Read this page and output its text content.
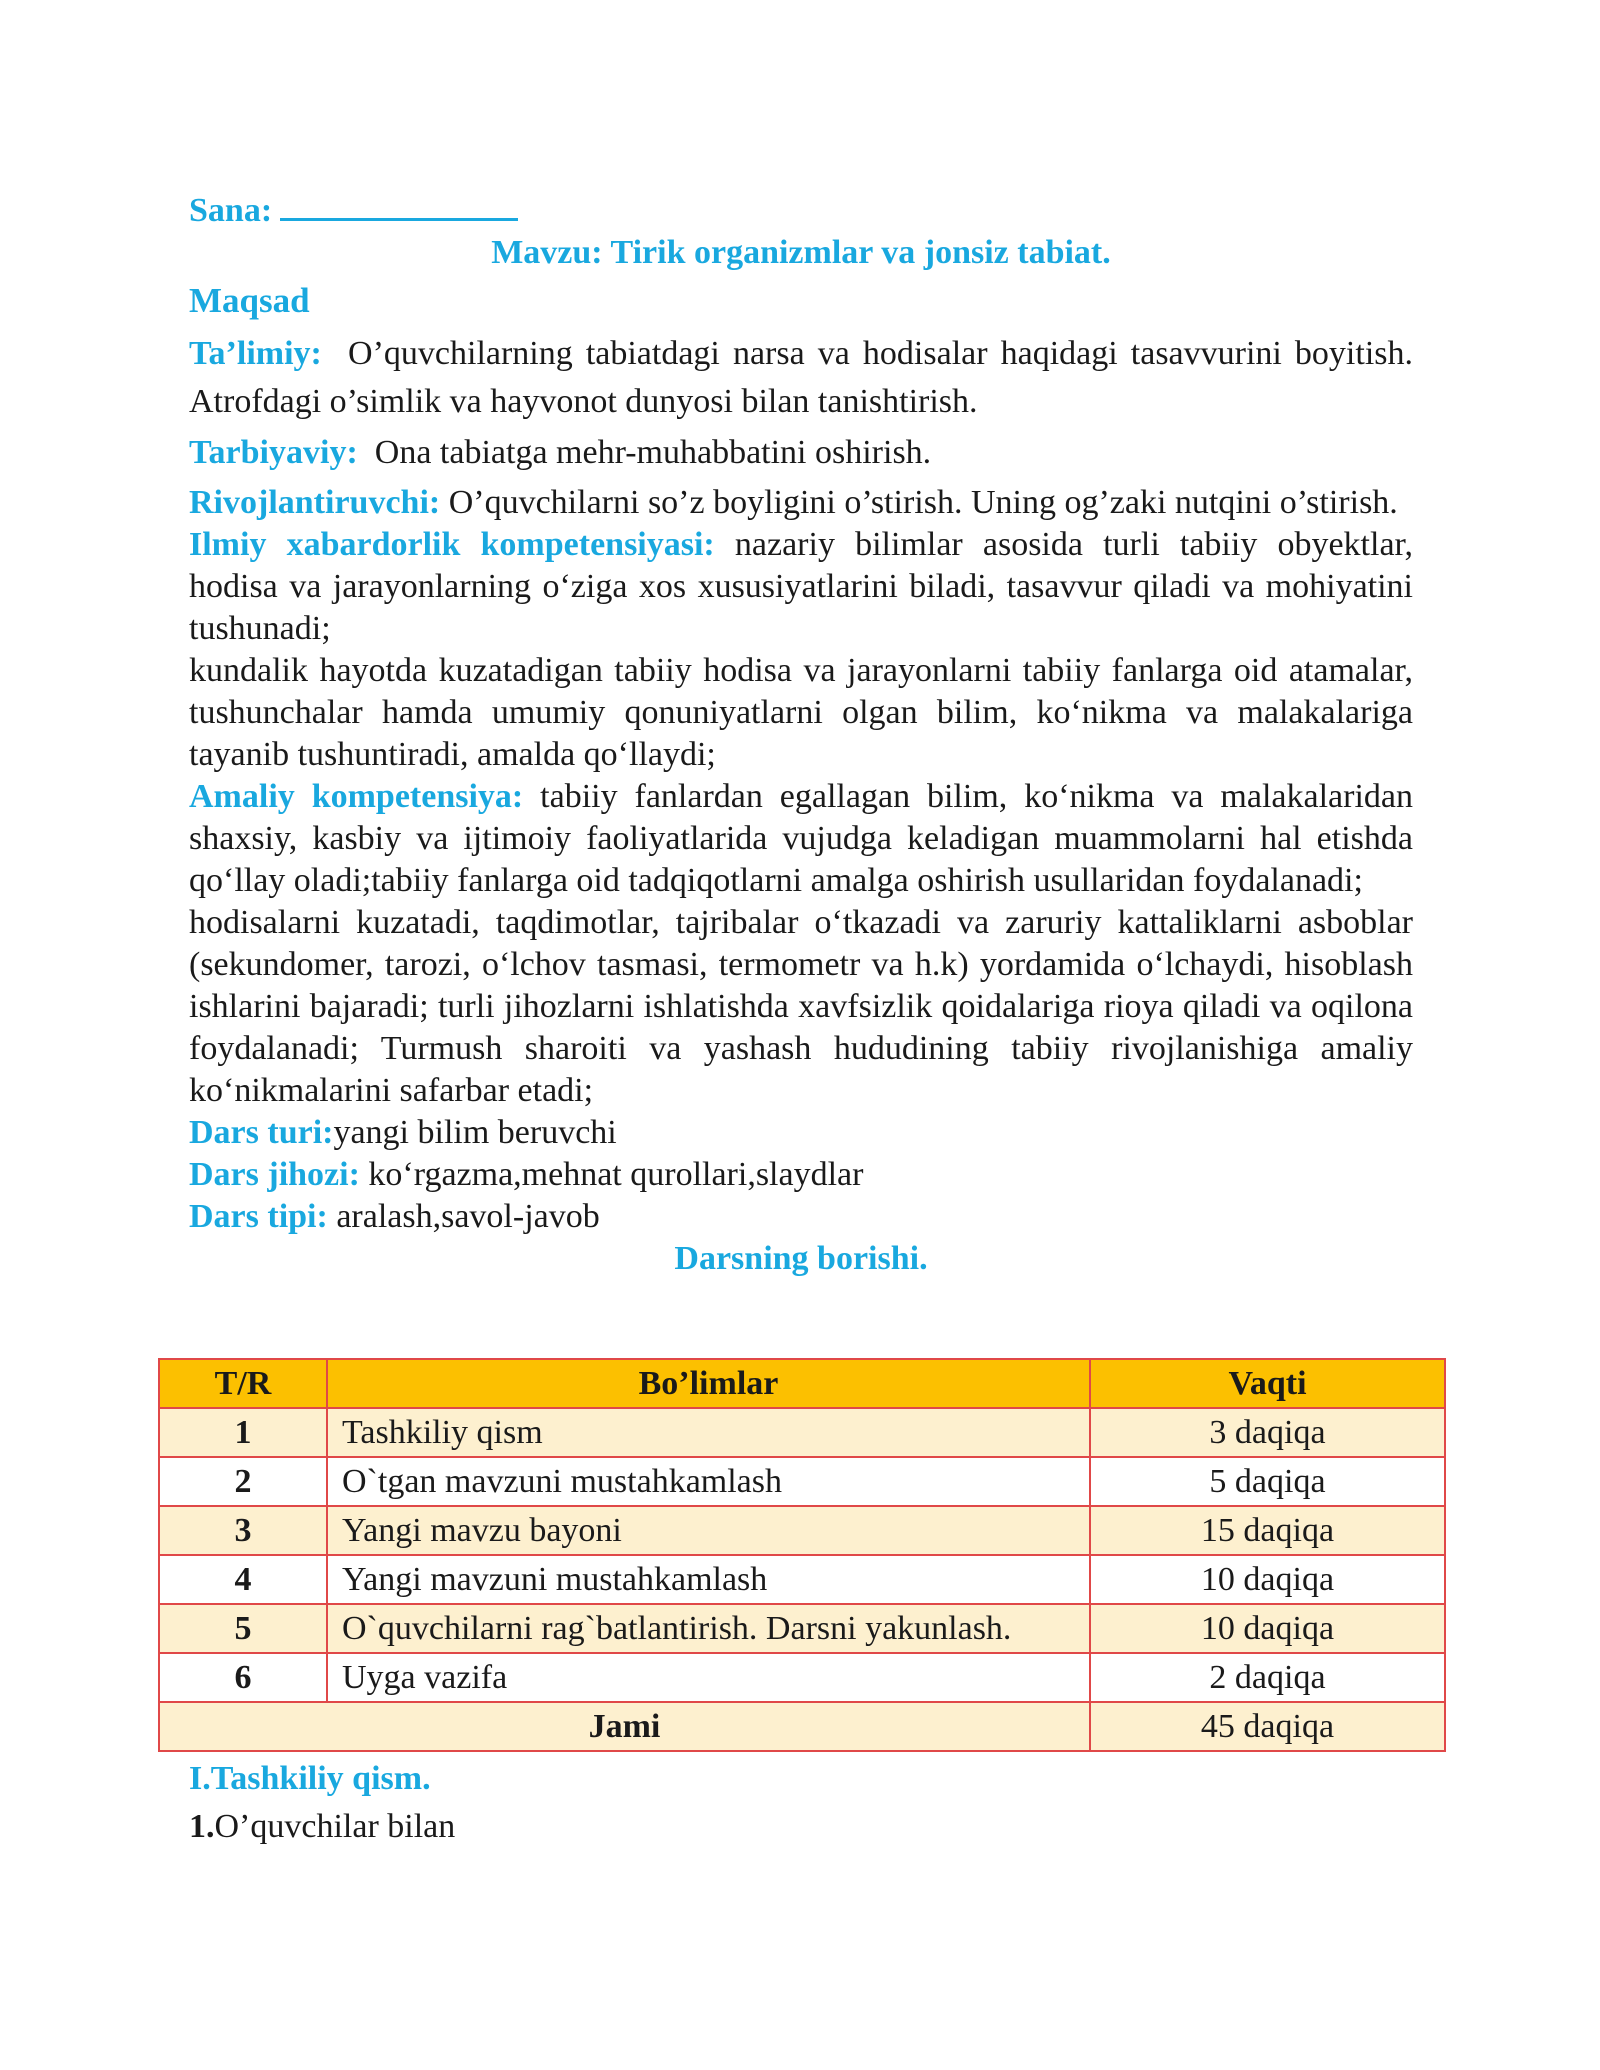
Sana:
Mavzu: Tirik organizmlar va jonsiz tabiat.
Maqsad

Ta’limiy: O’quvchilarning tabiatdagi narsa va hodisalar haqidagi tasavvurini boyitish. Atrofdagi o’simlik va hayvonot dunyosi bilan tanishtirish.

Tarbiyaviy: Ona tabiatga mehr-muhabbatini oshirish.

Rivojlantiruvchi: O’quvchilarni so’z boyligini o’stirish. Uning og’zaki nutqini o’stirish.

Ilmiy xabardorlik kompetensiyasi: nazariy bilimlar asosida turli tabiiy obyektlar, hodisa va jarayonlarning o‘ziga xos xususiyatlarini biladi, tasavvur qiladi va mohiyatini tushunadi;

kundalik hayotda kuzatadigan tabiiy hodisa va jarayonlarni tabiiy fanlarga oid atamalar, tushunchalar hamda umumiy qonuniyatlarni olgan bilim, ko‘nikma va malakalariga tayanib tushuntiradi, amalda qo‘llaydi;

Amaliy kompetensiya: tabiiy fanlardan egallagan bilim, ko‘nikma va malakalaridan shaxsiy, kasbiy va ijtimoiy faoliyatlarida vujudga keladigan muammolarni hal etishda qo‘llay oladi;tabiiy fanlarga oid tadqiqotlarni amalga oshirish usullaridan foydalanadi;

hodisalarni kuzatadi, taqdimotlar, tajribalar o‘tkazadi va zaruriy kattaliklarni asboblar (sekundomer, tarozi, o‘lchov tasmasi, termometr va h.k) yordamida o‘lchaydi, hisoblash ishlarini bajaradi; turli jihozlarni ishlatishda xavfsizlik qoidalariga rioya qiladi va oqilona foydalanadi; Turmush sharoiti va yashash hududining tabiiy rivojlanishiga amaliy ko‘nikmalarini safarbar etadi;

Dars turi:yangi bilim beruvchi
Dars jihozi: ko‘rgazma,mehnat qurollari,slaydlar
Dars tipi: aralash,savol-javob
Darsning borishi.
T/R	Bo’limlar	Vaqti
1	Tashkiliy qism	3 daqiqa
2	O`tgan mavzuni mustahkamlash	5 daqiqa
3	Yangi mavzu bayoni	15 daqiqa
4	Yangi mavzuni mustahkamlash	10 daqiqa
5	O`quvchilarni rag`batlantirish. Darsni yakunlash.	10 daqiqa
6	Uyga vazifa	2 daqiqa
Jami		45 daqiqa
I.Tashkiliy qism.
1.O’quvchilar bilan
